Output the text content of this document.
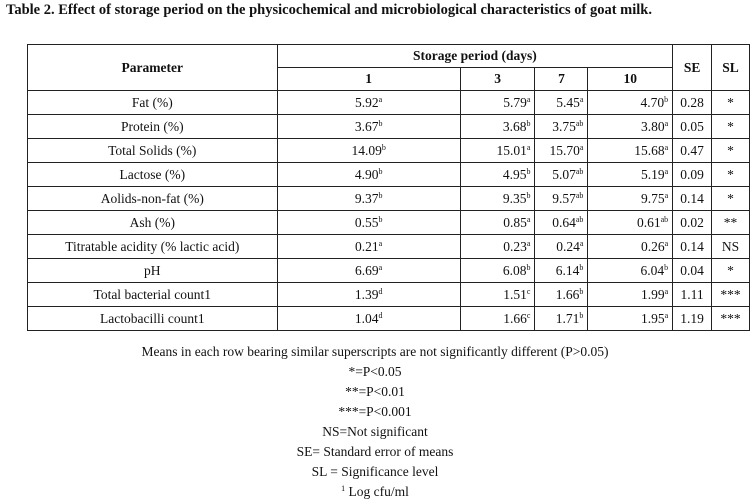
Table 2. Effect of storage period on the physicochemical and microbiological characteristics of goat milk.
Parameter	Storage period (days)				SE	SL
	1	3	7	10		
Fat (%)	5.92$^a$	5.79$^a$	5.45$^a$	4.70$^b$	0.28	*
Protein (%)	3.67$^b$	3.68$^b$	3.75$^{ab}$	3.80$^a$	0.05	*
Total Solids (%)	14.09$^b$	15.01$^a$	15.70$^a$	15.68$^a$	0.47	*
Lactose (%)	4.90$^b$	4.95$^b$	5.07$^{ab}$	5.19$^a$	0.09	*
Aolids-non-fat (%)	9.37$^b$	9.35$^b$	9.57$^{ab}$	9.75$^a$	0.14	*
Ash (%)	0.55$^b$	0.85$^a$	0.64$^{ab}$	0.61$^{ab}$	0.02	**
Titratable acidity (% lactic acid)	0.21$^a$	0.23$^a$	0.24$^a$	0.26$^a$	0.14	NS
pH	6.69$^a$	6.08$^b$	6.14$^b$	6.04$^b$	0.04	*
Total bacterial count1	1.39$^d$	1.51$^c$	1.66$^b$	1.99$^a$	1.11	***
Lactobacilli count1	1.04$^d$	1.66$^c$	1.71$^b$	1.95$^a$	1.19	***
Means in each row bearing similar superscripts are not significantly different (P>0.05)
*=P<0.05
**=P<0.01
***=P<0.001
NS=Not significant
SE= Standard error of means
SL = Significance level
$^1$ Log cfu/ml
